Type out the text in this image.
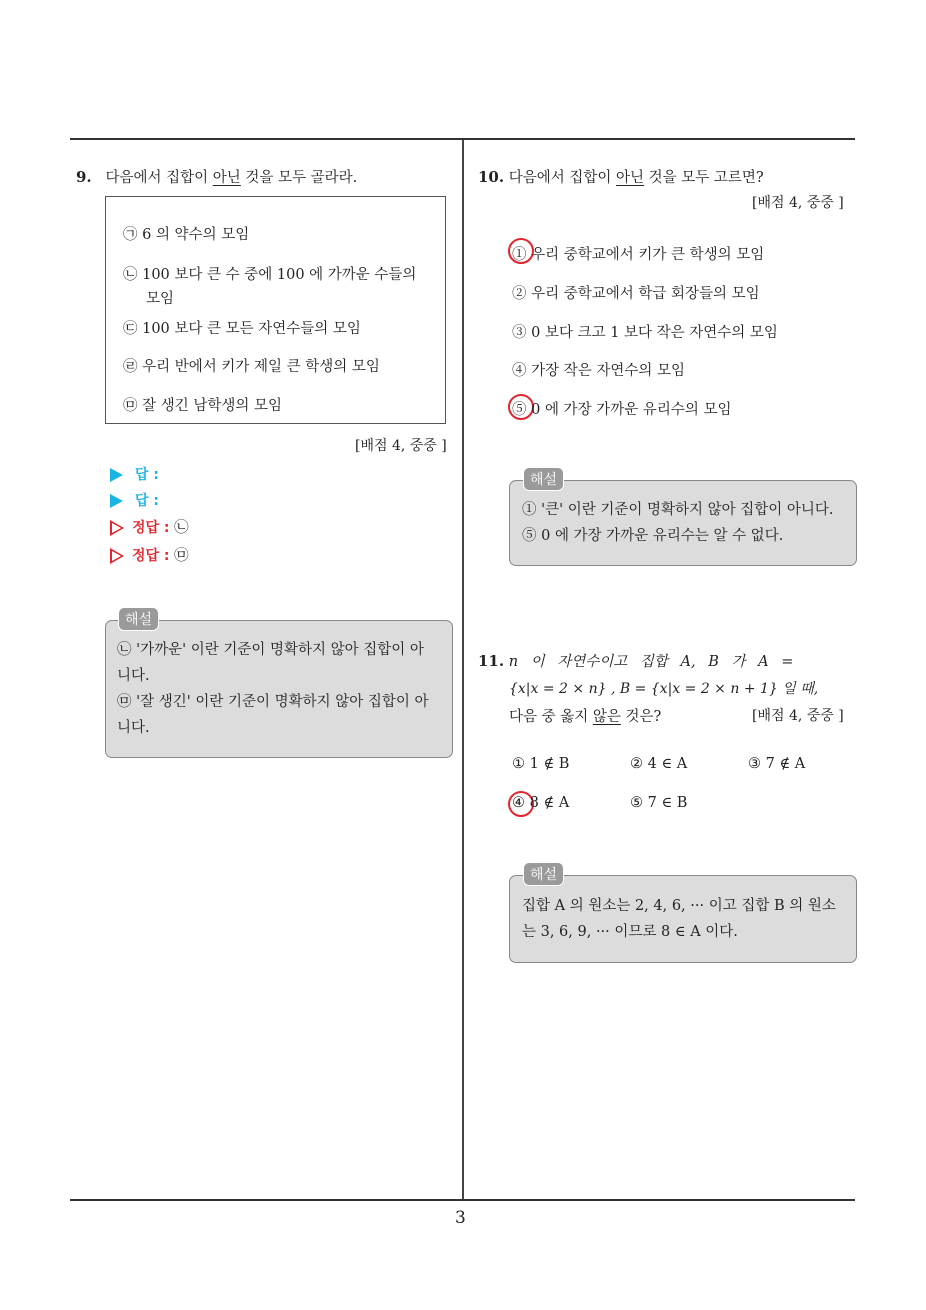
3
9. 다음에서 집합이 아닌 것을 모두 골라라.
㉠ 6 의 약수의 모임
㉡ 100 보다 큰 수 중에 100 에 가까운 수들의
모임
㉢ 100 보다 큰 모든 자연수들의 모임
㉣ 우리 반에서 키가 제일 큰 학생의 모임
㉤ 잘 생긴 남학생의 모임
[배점 4, 중중 ]
답 :
답 :
정답 : ㉡
정답 : ㉤
해설
㉡ '가까운' 이란 기준이 명확하지 않아 집합이 아
니다.
㉤ '잘 생긴' 이란 기준이 명확하지 않아 집합이 아
니다.
10. 다음에서 집합이 아닌 것을 모두 고르면?
[배점 4, 중중 ]
① 우리 중학교에서 키가 큰 학생의 모임
② 우리 중학교에서 학급 회장들의 모임
③ 0 보다 크고 1 보다 작은 자연수의 모임
④ 가장 작은 자연수의 모임
⑤ 0 에 가장 가까운 유리수의 모임
해설
① '큰' 이란 기준이 명확하지 않아 집합이 아니다.
⑤ 0 에 가장 가까운 유리수는 알 수 없다.
11. n 이 자연수이고 집합 A, B 가 A =
{x|x = 2 × n} , B = {x|x = 2 × n + 1} 일 때,
다음 중 옳지 않은 것은?	[배점 4, 중중 ]
① 1 ∉ B	② 4 ∈ A	③ 7 ∉ A
④ 8 ∉ A	⑤ 7 ∈ B
해설
집합 A 의 원소는 2, 4, 6, ··· 이고 집합 B 의 원소
는 3, 6, 9, ··· 이므로 8 ∈ A 이다.
